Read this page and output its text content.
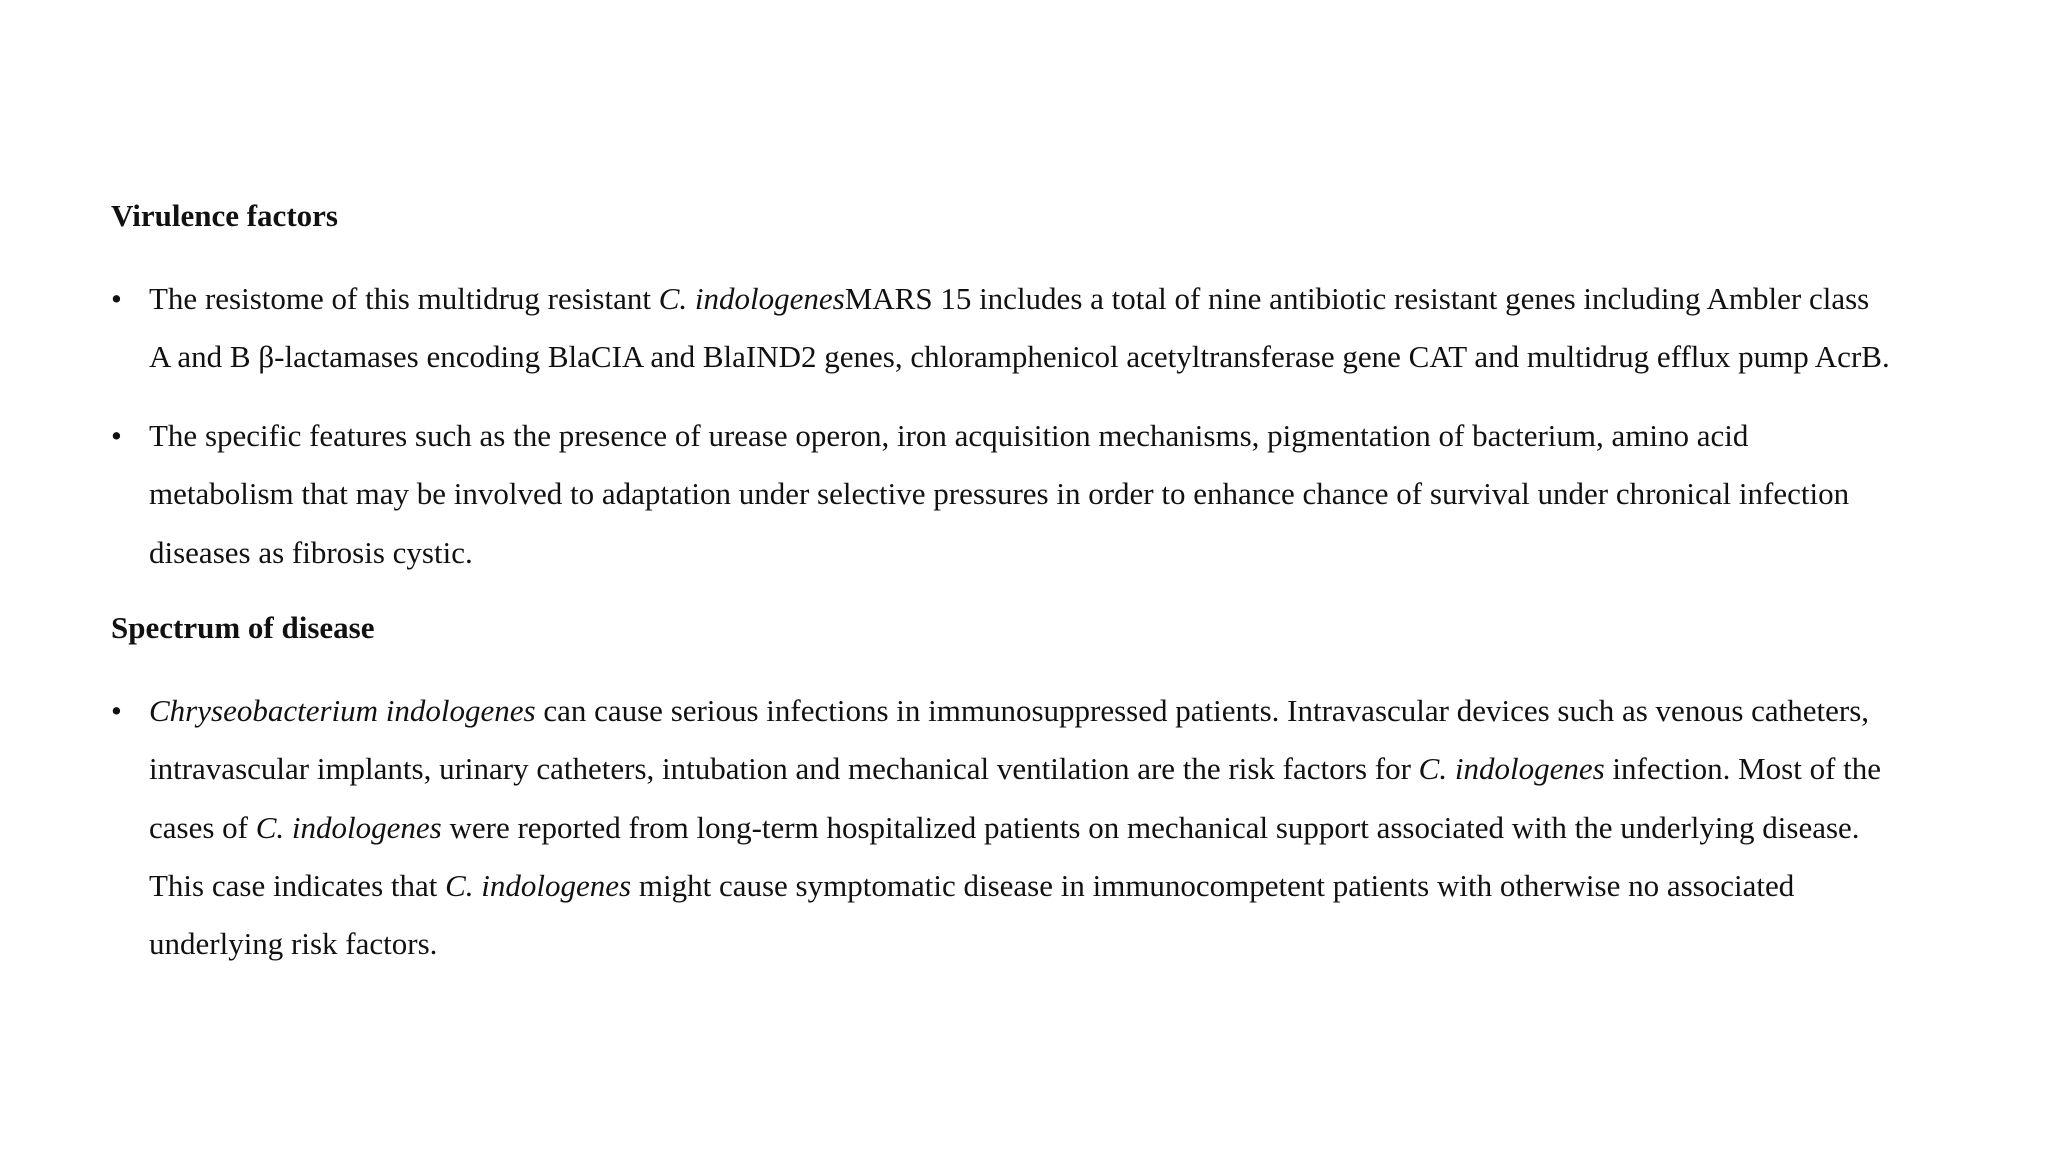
Virulence factors
• The resistome of this multidrug resistant C. indologenesMARS 15 includes a total of nine antibiotic resistant genes including Ambler class
A and B β-lactamases encoding BlaCIA and BlaIND2 genes, chloramphenicol acetyltransferase gene CAT and multidrug efflux pump AcrB.
• The specific features such as the presence of urease operon, iron acquisition mechanisms, pigmentation of bacterium, amino acid
metabolism that may be involved to adaptation under selective pressures in order to enhance chance of survival under chronical infection
diseases as fibrosis cystic.
Spectrum of disease
• Chryseobacterium indologenes can cause serious infections in immunosuppressed patients. Intravascular devices such as venous catheters,
intravascular implants, urinary catheters, intubation and mechanical ventilation are the risk factors for C. indologenes infection. Most of the
cases of C. indologenes were reported from long-term hospitalized patients on mechanical support associated with the underlying disease.
This case indicates that C. indologenes might cause symptomatic disease in immunocompetent patients with otherwise no associated
underlying risk factors.
